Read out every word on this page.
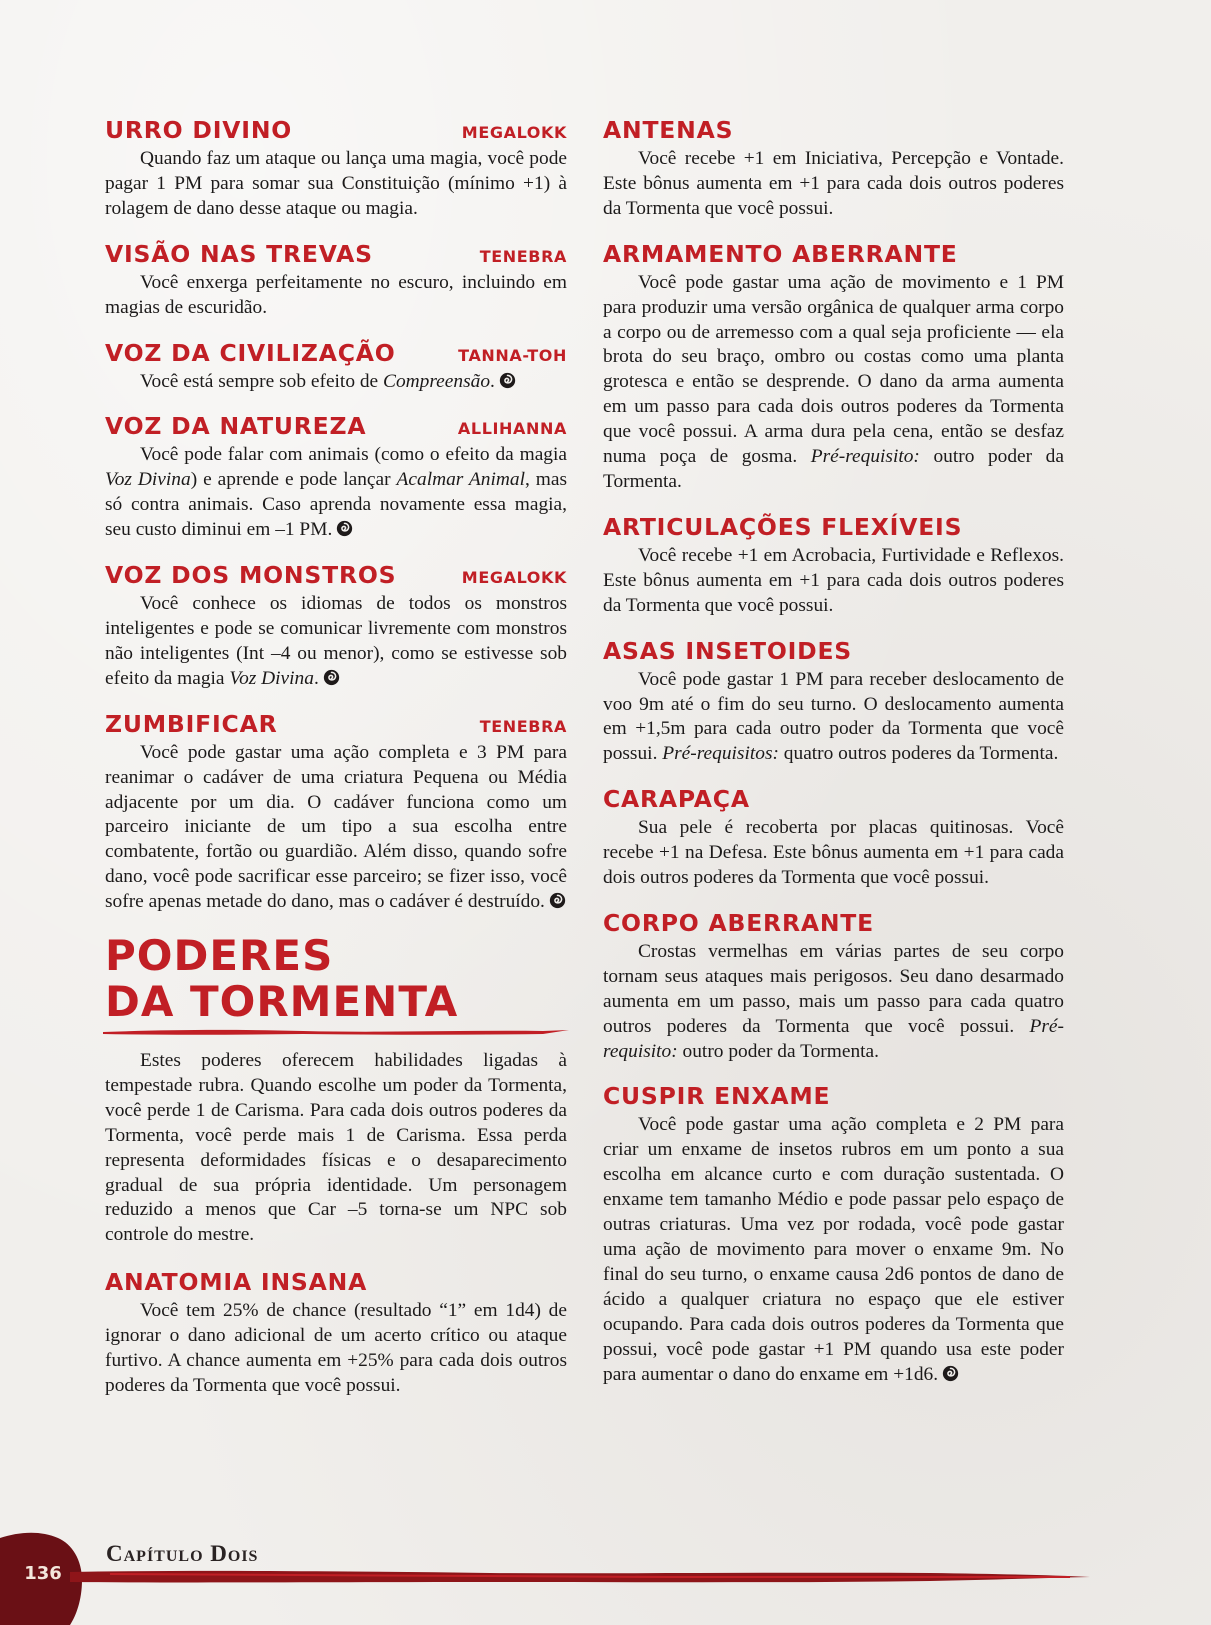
URRO DIVINO	MEGALOKK

Quando faz um ataque ou lança uma magia, você pode pagar 1 PM para somar sua Constituição (mínimo +1) à rolagem de dano desse ataque ou magia.

VISÃO NAS TREVAS	TENEBRA

Você enxerga perfeitamente no escuro, incluindo em magias de escuridão.

VOZ DA CIVILIZAÇÃO	TANNA-TOH

Você está sempre sob efeito de Compreensão.

VOZ DA NATUREZA	ALLIHANNA

Você pode falar com animais (como o efeito da magia Voz Divina) e aprende e pode lançar Acalmar Animal, mas só contra animais. Caso aprenda novamente essa magia, seu custo diminui em –1 PM.

VOZ DOS MONSTROS	MEGALOKK

Você conhece os idiomas de todos os monstros inteligentes e pode se comunicar livremente com monstros não inteligentes (Int –4 ou menor), como se estivesse sob efeito da magia Voz Divina.

ZUMBIFICAR	TENEBRA

Você pode gastar uma ação completa e 3 PM para reanimar o cadáver de uma criatura Pequena ou Média adjacente por um dia. O cadáver funciona como um parceiro iniciante de um tipo a sua escolha entre combatente, fortão ou guardião. Além disso, quando sofre dano, você pode sacrificar esse parceiro; se fizer isso, você sofre apenas metade do dano, mas o cadáver é destruído.

PODERES
DA TORMENTA

Estes poderes oferecem habilidades ligadas à tempestade rubra. Quando escolhe um poder da Tormenta, você perde 1 de Carisma. Para cada dois outros poderes da Tormenta, você perde mais 1 de Carisma. Essa perda representa deformidades físicas e o desaparecimento gradual de sua própria identidade. Um personagem reduzido a menos que Car –5 torna-se um NPC sob controle do mestre.

ANATOMIA INSANA

Você tem 25% de chance (resultado “1” em 1d4) de ignorar o dano adicional de um acerto crítico ou ataque furtivo. A chance aumenta em +25% para cada dois outros poderes da Tormenta que você possui.

ANTENAS

Você recebe +1 em Iniciativa, Percepção e Vontade. Este bônus aumenta em +1 para cada dois outros poderes da Tormenta que você possui.

ARMAMENTO ABERRANTE

Você pode gastar uma ação de movimento e 1 PM para produzir uma versão orgânica de qualquer arma corpo a corpo ou de arremesso com a qual seja proficiente — ela brota do seu braço, ombro ou costas como uma planta grotesca e então se desprende. O dano da arma aumenta em um passo para cada dois outros poderes da Tormenta que você possui. A arma dura pela cena, então se desfaz numa poça de gosma. Pré-requisito: outro poder da Tormenta.

ARTICULAÇÕES FLEXÍVEIS

Você recebe +1 em Acrobacia, Furtividade e Reflexos. Este bônus aumenta em +1 para cada dois outros poderes da Tormenta que você possui.

ASAS INSETOIDES

Você pode gastar 1 PM para receber deslocamento de voo 9m até o fim do seu turno. O deslocamento aumenta em +1,5m para cada outro poder da Tormenta que você possui. Pré-requisitos: quatro outros poderes da Tormenta.

CARAPAÇA

Sua pele é recoberta por placas quitinosas. Você recebe +1 na Defesa. Este bônus aumenta em +1 para cada dois outros poderes da Tormenta que você possui.

CORPO ABERRANTE

Crostas vermelhas em várias partes de seu corpo tornam seus ataques mais perigosos. Seu dano desarmado aumenta em um passo, mais um passo para cada quatro outros poderes da Tormenta que você possui. Pré-requisito: outro poder da Tormenta.

CUSPIR ENXAME

Você pode gastar uma ação completa e 2 PM para criar um enxame de insetos rubros em um ponto a sua escolha em alcance curto e com duração sustentada. O enxame tem tamanho Médio e pode passar pelo espaço de outras criaturas. Uma vez por rodada, você pode gastar uma ação de movimento para mover o enxame 9m. No final do seu turno, o enxame causa 2d6 pontos de dano de ácido a qualquer criatura no espaço que ele estiver ocupando. Para cada dois outros poderes da Tormenta que possui, você pode gastar +1 PM quando usa este poder para aumentar o dano do enxame em +1d6.

136
Capítulo Dois
